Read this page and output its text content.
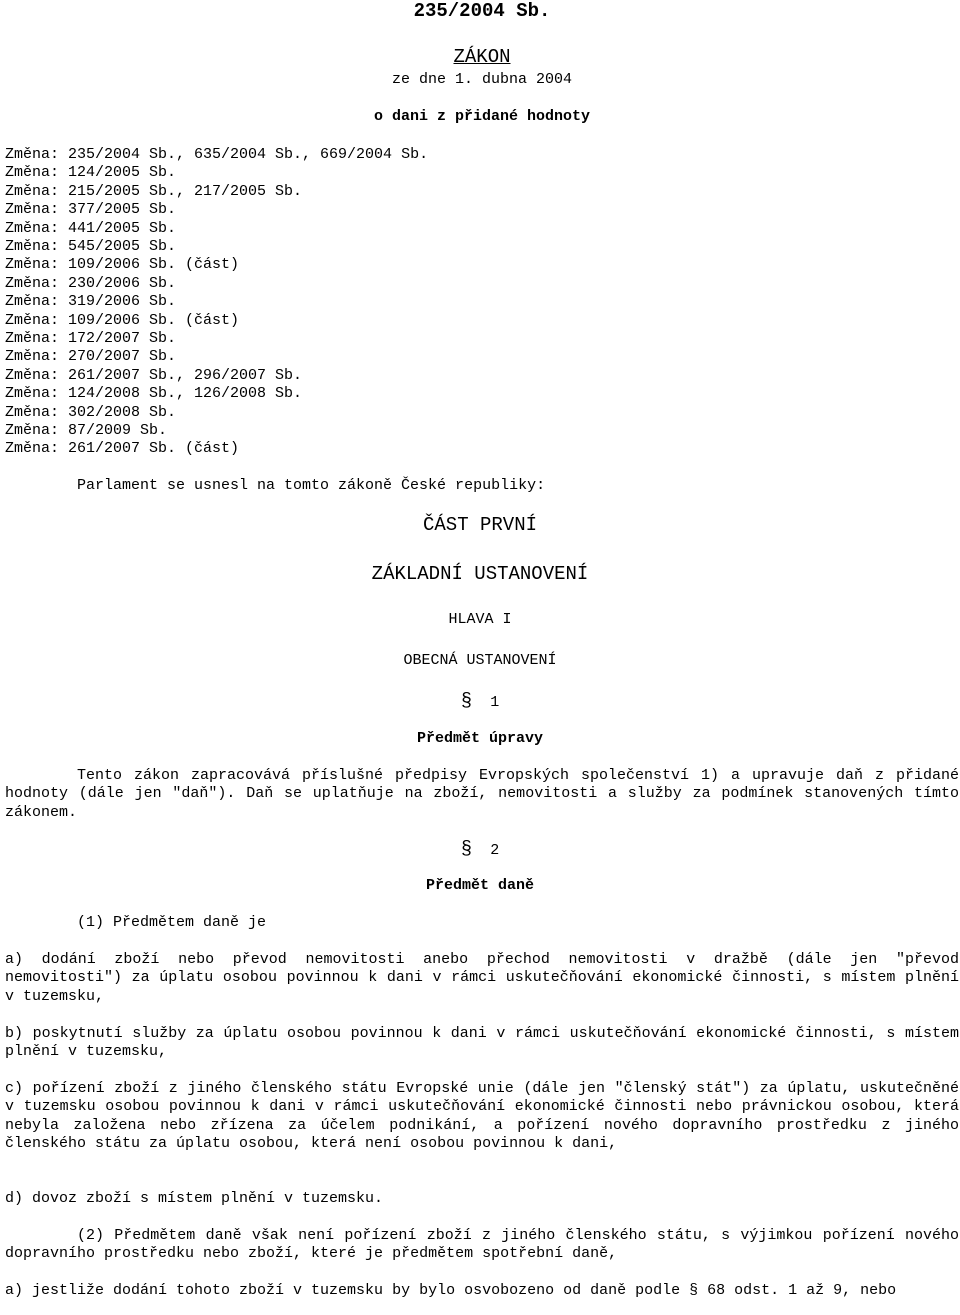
235/2004 Sb.
ZÁKON
ze dne 1. dubna 2004
o dani z přidané hodnoty
Změna: 235/2004 Sb., 635/2004 Sb., 669/2004 Sb.
Změna: 124/2005 Sb.
Změna: 215/2005 Sb., 217/2005 Sb.
Změna: 377/2005 Sb.
Změna: 441/2005 Sb.
Změna: 545/2005 Sb.
Změna: 109/2006 Sb. (část)
Změna: 230/2006 Sb.
Změna: 319/2006 Sb.
Změna: 109/2006 Sb. (část)
Změna: 172/2007 Sb.
Změna: 270/2007 Sb.
Změna: 261/2007 Sb., 296/2007 Sb.
Změna: 124/2008 Sb., 126/2008 Sb.
Změna: 302/2008 Sb.
Změna: 87/2009 Sb.
Změna: 261/2007 Sb. (část)
Parlament se usnesl na tomto zákoně České republiky:
ČÁST PRVNÍ
ZÁKLADNÍ USTANOVENÍ
HLAVA I
OBECNÁ USTANOVENÍ
§ 1
Předmět úpravy
Tento zákon zapracovává příslušné předpisy Evropských společenství 1) a upravuje daň z přidané hodnoty (dále jen "daň"). Daň se uplatňuje na zboží, nemovitosti a služby za podmínek stanovených tímto zákonem.
§ 2
Předmět daně
(1) Předmětem daně je
a) dodání zboží nebo převod nemovitosti anebo přechod nemovitosti v dražbě (dále jen "převod nemovitosti") za úplatu osobou povinnou k dani v rámci uskutečňování ekonomické činnosti, s místem plnění v tuzemsku,
b) poskytnutí služby za úplatu osobou povinnou k dani v rámci uskutečňování ekonomické činnosti, s místem plnění v tuzemsku,
c) pořízení zboží z jiného členského státu Evropské unie (dále jen "členský stát") za úplatu, uskutečněné v tuzemsku osobou povinnou k dani v rámci uskutečňování ekonomické činnosti nebo právnickou osobou, která nebyla založena nebo zřízena za účelem podnikání, a pořízení nového dopravního prostředku z jiného členského státu za úplatu osobou, která není osobou povinnou k dani,
d) dovoz zboží s místem plnění v tuzemsku.
(2) Předmětem daně však není pořízení zboží z jiného členského státu, s výjimkou pořízení nového dopravního prostředku nebo zboží, které je předmětem spotřební daně,
a) jestliže dodání tohoto zboží v tuzemsku by bylo osvobozeno od daně podle § 68 odst. 1 až 9, nebo
